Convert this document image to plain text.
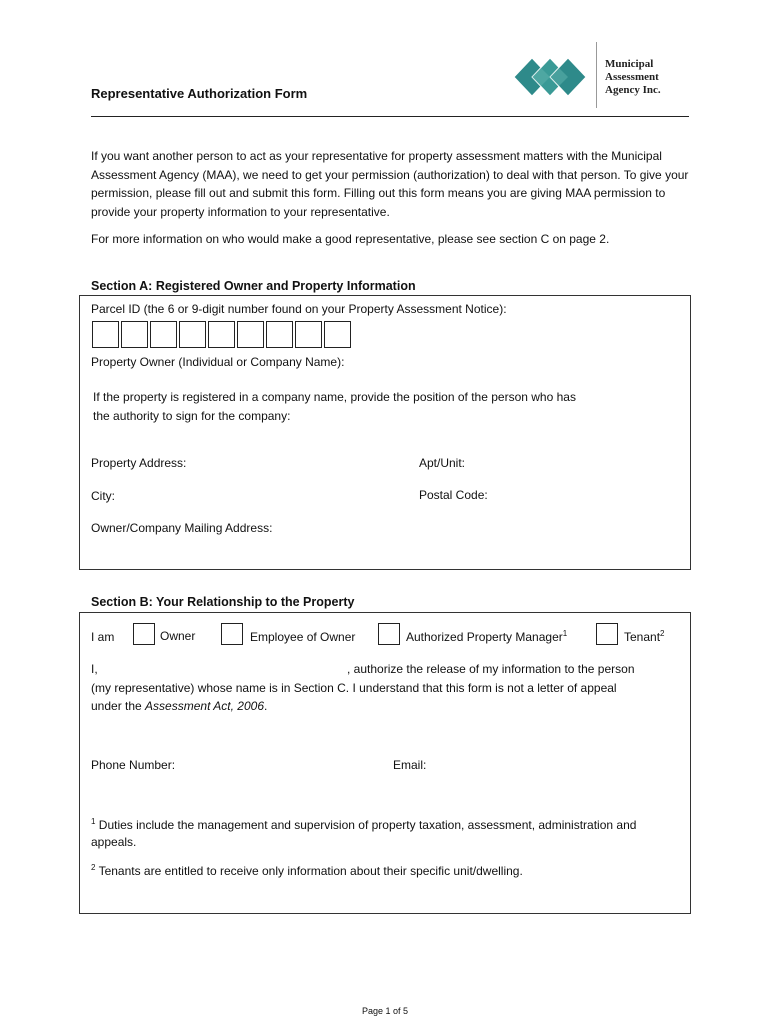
Municipal
Assessment
Agency Inc.
Representative Authorization Form
If you want another person to act as your representative for property assessment matters with the Municipal Assessment Agency (MAA), we need to get your permission (authorization) to deal with that person. To give your permission, please fill out and submit this form. Filling out this form means you are giving MAA permission to provide your property information to your representative.
For more information on who would make a good representative, please see section C on page 2.
Section A: Registered Owner and Property Information
Parcel ID (the 6 or 9-digit number found on your Property Assessment Notice):
Property Owner (Individual or Company Name):
If the property is registered in a company name, provide the position of the person who has
the authority to sign for the company:
Property Address:	Apt/Unit:
City:	Postal Code:
Owner/Company Mailing Address:
Section B: Your Relationship to the Property
I am	Owner	Employee of Owner	Authorized Property Manager$^1$	Tenant$^2$
I,	, authorize the release of my information to the person
(my representative) whose name is in Section C. I understand that this form is not a letter of appeal
under the Assessment Act, 2006.
Phone Number:	Email:
$^1$ Duties include the management and supervision of property taxation, assessment, administration and
appeals.
$^2$ Tenants are entitled to receive only information about their specific unit/dwelling.
Page 1 of 5
